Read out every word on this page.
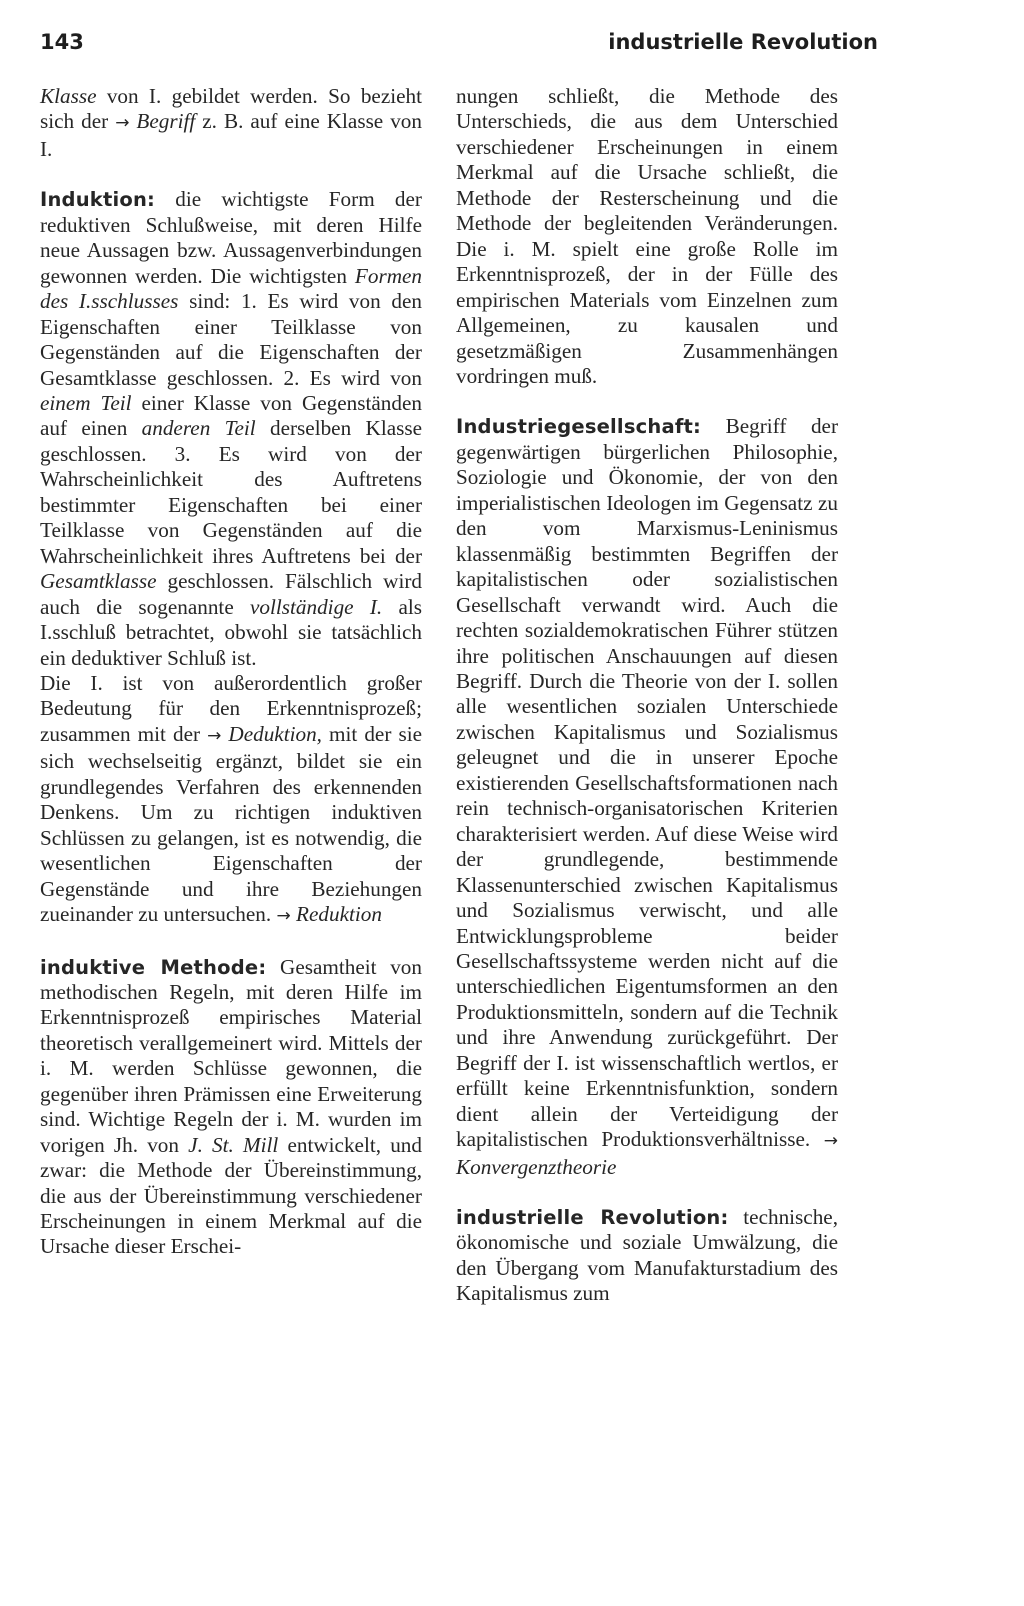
143	industrielle Revolution

Klasse von I. gebildet werden. So bezieht sich der → Begriff z. B. auf eine Klasse von I.

Induktion: die wichtigste Form der reduktiven Schlußweise, mit deren Hilfe neue Aussagen bzw. Aussagenverbindungen gewonnen werden. Die wichtigsten Formen des I.sschlusses sind: 1. Es wird von den Eigenschaften einer Teilklasse von Gegenständen auf die Eigenschaften der Gesamtklasse geschlossen. 2. Es wird von einem Teil einer Klasse von Gegenständen auf einen anderen Teil derselben Klasse geschlossen. 3. Es wird von der Wahrscheinlichkeit des Auftretens bestimmter Eigenschaften bei einer Teilklasse von Gegenständen auf die Wahrscheinlichkeit ihres Auftretens bei der Gesamtklasse geschlossen. Fälschlich wird auch die sogenannte vollständige I. als I.sschluß betrachtet, obwohl sie tatsächlich ein deduktiver Schluß ist.

Die I. ist von außerordentlich großer Bedeutung für den Erkenntnisprozeß; zusammen mit der → Deduktion, mit der sie sich wechselseitig ergänzt, bildet sie ein grundlegendes Verfahren des erkennenden Denkens. Um zu richtigen induktiven Schlüssen zu gelangen, ist es notwendig, die wesentlichen Eigenschaften der Gegenstände und ihre Beziehungen zueinander zu untersuchen. → Reduktion

induktive Methode: Gesamtheit von methodischen Regeln, mit deren Hilfe im Erkenntnisprozeß empirisches Material theoretisch verallgemeinert wird. Mittels der i. M. werden Schlüsse gewonnen, die gegenüber ihren Prämissen eine Erweiterung sind. Wichtige Regeln der i. M. wurden im vorigen Jh. von J. St. Mill entwickelt, und zwar: die Methode der Übereinstimmung, die aus der Übereinstimmung verschiedener Erscheinungen in einem Merkmal auf die Ursache dieser Erschei-

nungen schließt, die Methode des Unterschieds, die aus dem Unterschied verschiedener Erscheinungen in einem Merkmal auf die Ursache schließt, die Methode der Resterscheinung und die Methode der begleitenden Veränderungen. Die i. M. spielt eine große Rolle im Erkenntnisprozeß, der in der Fülle des empirischen Materials vom Einzelnen zum Allgemeinen, zu kausalen und gesetzmäßigen Zusammenhängen vordringen muß.

Industriegesellschaft: Begriff der gegenwärtigen bürgerlichen Philosophie, Soziologie und Ökonomie, der von den imperialistischen Ideologen im Gegensatz zu den vom Marxismus-Leninismus klassenmäßig bestimmten Begriffen der kapitalistischen oder sozialistischen Gesellschaft verwandt wird. Auch die rechten sozialdemokratischen Führer stützen ihre politischen Anschauungen auf diesen Begriff. Durch die Theorie von der I. sollen alle wesentlichen sozialen Unterschiede zwischen Kapitalismus und Sozialismus geleugnet und die in unserer Epoche existierenden Gesellschaftsformationen nach rein technisch-organisatorischen Kriterien charakterisiert werden. Auf diese Weise wird der grundlegende, bestimmende Klassenunterschied zwischen Kapitalismus und Sozialismus verwischt, und alle Entwicklungsprobleme beider Gesellschaftssysteme werden nicht auf die unterschiedlichen Eigentumsformen an den Produktionsmitteln, sondern auf die Technik und ihre Anwendung zurückgeführt. Der Begriff der I. ist wissenschaftlich wertlos, er erfüllt keine Erkenntnisfunktion, sondern dient allein der Verteidigung der kapitalistischen Produktionsverhältnisse. → Konvergenztheorie

industrielle Revolution: technische, ökonomische und soziale Umwälzung, die den Übergang vom Manufakturstadium des Kapitalismus zum
